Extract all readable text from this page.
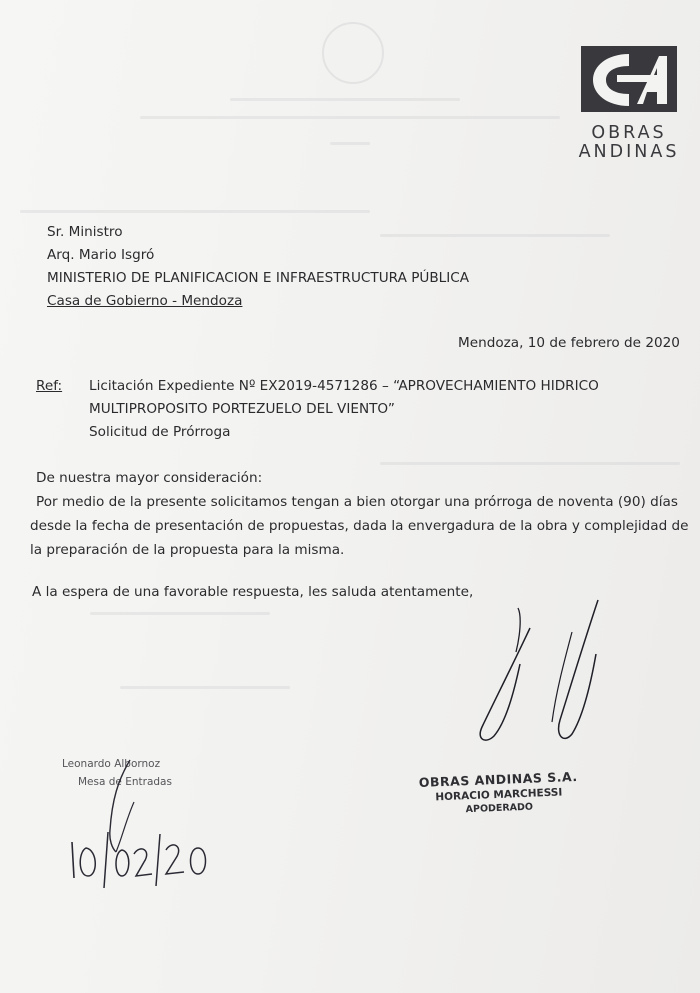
OBRAS
ANDINAS
Sr. Ministro
Arq. Mario Isgró
MINISTERIO DE PLANIFICACION E INFRAESTRUCTURA PÚBLICA
Casa de Gobierno - Mendoza
Mendoza, 10 de febrero de 2020
Ref: Licitación Expediente Nº EX2019-4571286 – “APROVECHAMIENTO HIDRICO
MULTIPROPOSITO PORTEZUELO DEL VIENTO”
Solicitud de Prórroga
De nuestra mayor consideración:
Por medio de la presente solicitamos tengan a bien otorgar una prórroga de noventa (90) días
desde la fecha de presentación de propuestas, dada la envergadura de la obra y complejidad de
la preparación de la propuesta para la misma.
A la espera de una favorable respuesta, les saluda atentamente,
Leonardo Albornoz
Mesa de Entradas	OBRAS ANDINAS S.A.
HORACIO MARCHESSI
APODERADO
